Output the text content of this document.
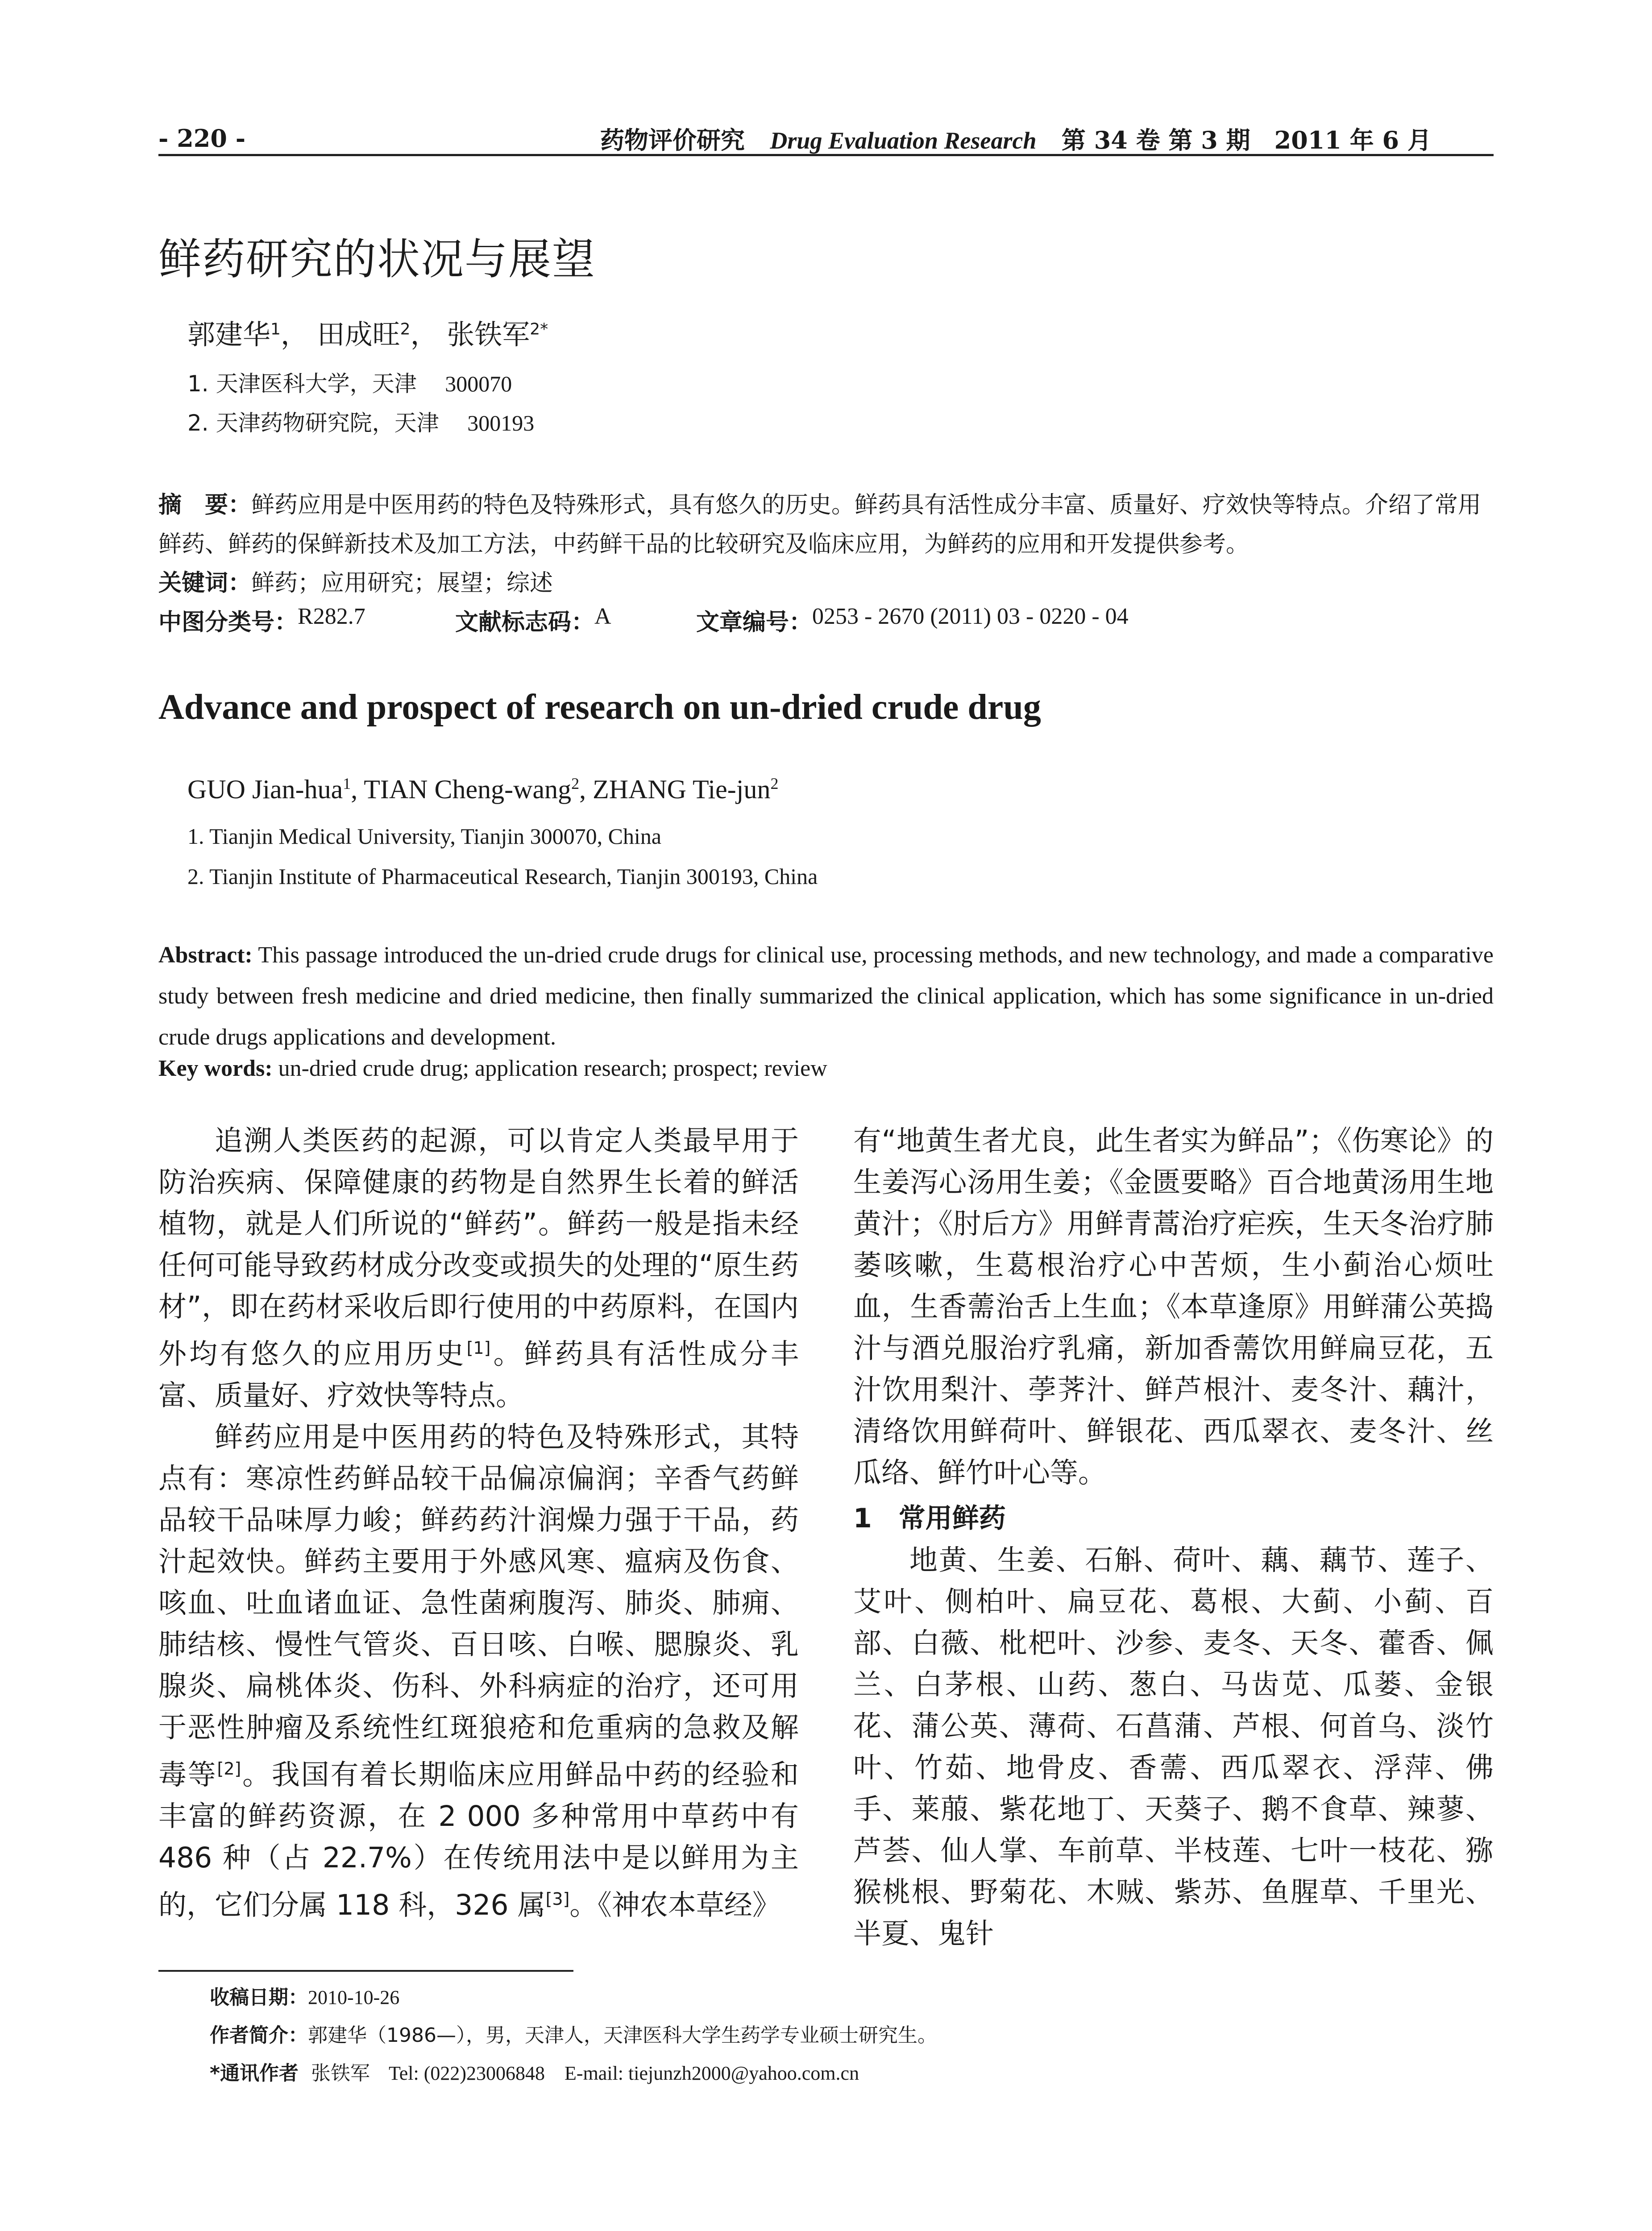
- 220 -	药物评价研究 Drug Evaluation Research 第 34 卷 第 3 期　2011 年 6 月
鲜药研究的状况与展望
郭建华$^1$， 田成旺$^2$， 张铁军$^{2*}$
1. 天津医科大学，天津 300070
2. 天津药物研究院，天津 300193
摘　要：鲜药应用是中医用药的特色及特殊形式，具有悠久的历史。鲜药具有活性成分丰富、质量好、疗效快等特点。介绍了常用鲜药、鲜药的保鲜新技术及加工方法，中药鲜干品的比较研究及临床应用，为鲜药的应用和开发提供参考。
关键词：鲜药；应用研究；展望；综述
中图分类号： R282.7	文献标志码： A	文章编号： 0253 - 2670 (2011) 03 - 0220 - 04
Advance and prospect of research on un-dried crude drug
GUO Jian-hua$^1$, TIAN Cheng-wang$^2$, ZHANG Tie-jun$^2$
1. Tianjin Medical University, Tianjin 300070, China
2. Tianjin Institute of Pharmaceutical Research, Tianjin 300193, China
Abstract: This passage introduced the un-dried crude drugs for clinical use, processing methods, and new technology, and made a comparative study between fresh medicine and dried medicine, then finally summarized the clinical application, which has some significance in un-dried crude drugs applications and development.
Key words: un-dried crude drug; application research; prospect; review

追溯人类医药的起源，可以肯定人类最早用于防治疾病、保障健康的药物是自然界生长着的鲜活植物，就是人们所说的“鲜药”。鲜药一般是指未经任何可能导致药材成分改变或损失的处理的“原生药材”，即在药材采收后即行使用的中药原料，在国内外均有悠久的应用历史[1]。鲜药具有活性成分丰富、质量好、疗效快等特点。

鲜药应用是中医用药的特色及特殊形式，其特点有：寒凉性药鲜品较干品偏凉偏润；辛香气药鲜品较干品味厚力峻；鲜药药汁润燥力强于干品，药汁起效快。鲜药主要用于外感风寒、瘟病及伤食、咳血、吐血诸血证、急性菌痢腹泻、肺炎、肺痈、肺结核、慢性气管炎、百日咳、白喉、腮腺炎、乳腺炎、扁桃体炎、伤科、外科病症的治疗，还可用于恶性肿瘤及系统性红斑狼疮和危重病的急救及解毒等[2]。我国有着长期临床应用鲜品中药的经验和丰富的鲜药资源，在 2 000 多种常用中草药中有 486 种（占 22.7%）在传统用法中是以鲜用为主的，它们分属 118 科，326 属[3]。《神农本草经》

1　常用鲜药

地黄、生姜、石斛、荷叶、藕、藕节、莲子、艾叶、侧柏叶、扁豆花、葛根、大蓟、小蓟、百部、白薇、枇杷叶、沙参、麦冬、天冬、藿香、佩兰、白茅根、山药、葱白、马齿苋、瓜蒌、金银花、蒲公英、薄荷、石菖蒲、芦根、何首乌、淡竹叶、竹茹、地骨皮、香薷、西瓜翠衣、浮萍、佛手、莱菔、紫花地丁、天葵子、鹅不食草、辣蓼、芦荟、仙人掌、车前草、半枝莲、七叶一枝花、猕猴桃根、野菊花、木贼、紫苏、鱼腥草、千里光、半夏、鬼针

收稿日期：2010-10-26
作者简介：郭建华（1986—），男，天津人，天津医科大学生药学专业硕士研究生。
*通讯作者 张铁军 Tel: (022)23006848　E-mail: tiejunzh2000@yahoo.com.cn

有“地黄生者尤良，此生者实为鲜品”；《伤寒论》的生姜泻心汤用生姜；《金匮要略》百合地黄汤用生地黄汁；《肘后方》用鲜青蒿治疗疟疾，生天冬治疗肺萎咳嗽，生葛根治疗心中苦烦，生小蓟治心烦吐血，生香薷治舌上生血；《本草逢原》用鲜蒲公英捣汁与酒兑服治疗乳痛，新加香薷饮用鲜扁豆花，五汁饮用梨汁、荸荠汁、鲜芦根汁、麦冬汁、藕汁，清络饮用鲜荷叶、鲜银花、西瓜翠衣、麦冬汁、丝瓜络、鲜竹叶心等。
